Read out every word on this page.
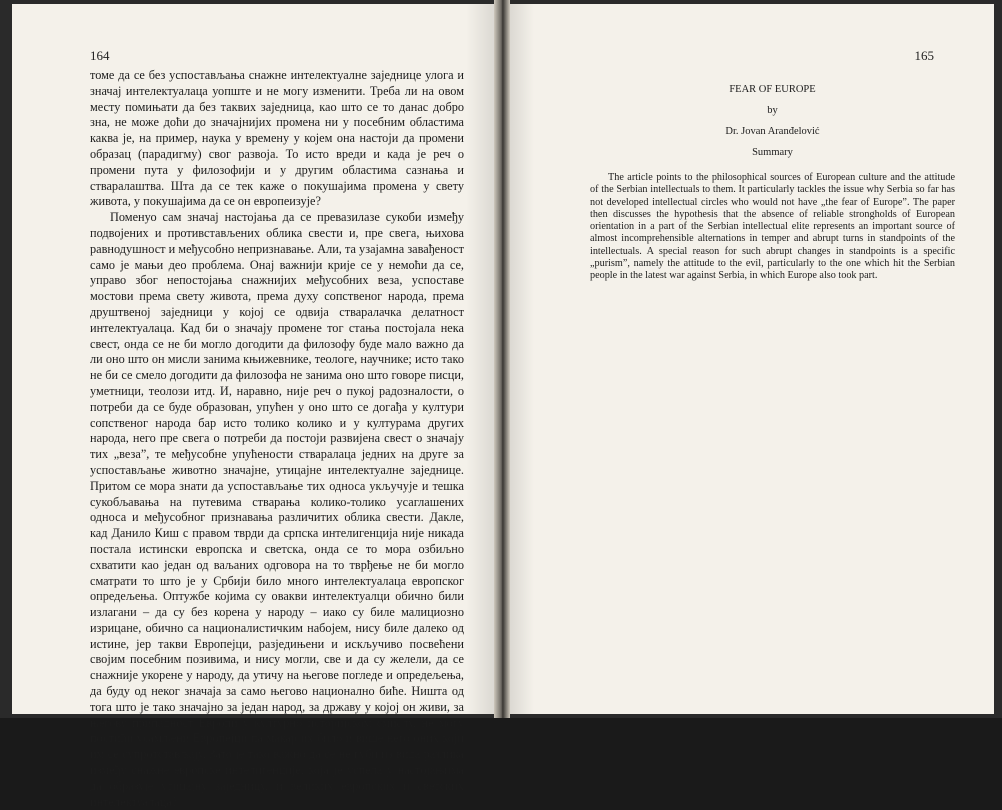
164

томе да се без успостављања снажне интелектуалне заједнице улога и значај интелектуалаца уопште и не могу изменити. Треба ли на овом месту помињати да без таквих заједница, као што се то данас добро зна, не може доћи до значајнијих промена ни у посебним областима каква је, на пример, наука у времену у којем она настоји да промени образац (парадигму) свог развоја. То исто вреди и када је реч о промени пута у филозофији и у другим областима сазнања и стваралаштва. Шта да се тек каже о покушајима промена у свету живота, у покушајима да се он европеизује?

Поменуо сам значај настојања да се превазилазе сукоби између подвојених и противстављених облика свести и, пре свега, њихова равнодушност и међусобно непризнавање. Али, та узајамна завађеност само је мањи део проблема. Онај важнији крије се у немоћи да се, управо због непостојања снажнијих међусобних веза, успоставе мостови према свету живота, према духу сопственог народа, према друштвеној заједници у којој се одвија стваралачка делатност интелектуалаца. Кад би о значају промене тог стања постојала нека свест, онда се не би могло догодити да филозофу буде мало важно да ли оно што он мисли занима књижевнике, теологе, научнике; исто тако не би се смело догодити да филозофа не занима оно што говоре писци, уметници, теолози итд. И, наравно, није реч о пукој радозналости, о потреби да се буде образован, упућен у оно што се догађа у култури сопственог народа бар исто толико колико и у културама других народа, него пре свега о потреби да постоји развијена свест о значају тих „веза”, те међусобне упућености стваралаца једних на друге за успостављање животно значајне, утицајне интелектуалне заједнице. Притом се мора знати да успостављање тих односа укључује и тешка сукобљавања на путевима стварања колико-толико усаглашених односа и међусобног признавања различитих облика свести. Дакле, кад Данило Киш с правом тврди да српска интелигенција није никада постала истински европска и светска, онда се то мора озбиљно схватити као један од ваљаних одговора на то тврђење не би могло сматрати то што је у Србији било много интелектуалаца европског опредељења. Оптужбе којима су овакви интелектуалци обично били излагани – да су без корена у народу – иако су биле малициозно изрицане, обично са националистичким набојем, нису биле далеко од истине, јер такви Европејци, разједињени и искључиво посвећени својим посебним позивима, и нису могли, све и да су желели, да се снажније укорене у народу, да утичу на његове погледе и опредељења, да буду од неког значаја за само његово национално биће. Ништа од тога што је тако значајно за један народ, за државу у којој он живи, за његову припадност Европи у културно историјском смислу, не могу постићи усамљени Европејци па макар их било и више него оних који им се супротстављају. Зато је тако важно да се не губи из вида разлика између снажне европске интелигенције, која је успела у настојањима да образује утицајну заједницу, и великих европских и светских интелектуалаца?

165

FEAR OF EUROPE

by

Dr. Jovan Aranđelović

Summary

The article points to the philosophical sources of European culture and the attitude of the Serbian intellectuals to them. It particularly tackles the issue why Serbia so far has not developed intellectual circles who would not have „the fear of Europe”. The paper then discusses the hypothesis that the absence of reliable strongholds of European orientation in a part of the Serbian intellectual elite represents an important source of almost incomprehensible alternations in temper and abrupt turns in standpoints of the intellectuals. A special reason for such abrupt changes in standpoints is a specific „purism”, namely the attitude to the evil, particularly to the one which hit the Serbian people in the latest war against Serbia, in which Europe also took part.
